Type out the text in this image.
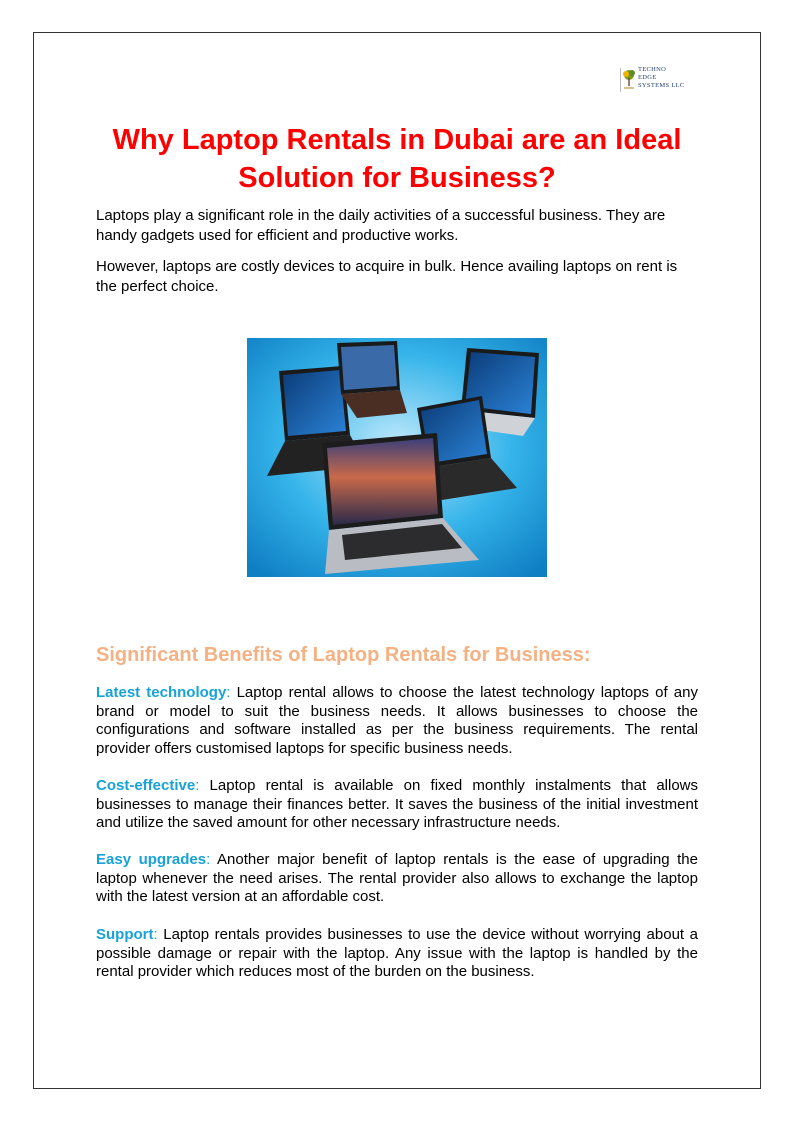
TECHNO
EDGE
SYSTEMS LLC
Why Laptop Rentals in Dubai are an Ideal Solution for Business?

Laptops play a significant role in the daily activities of a successful business. They are handy gadgets used for efficient and productive works.

However, laptops are costly devices to acquire in bulk. Hence availing laptops on rent is the perfect choice.

Significant Benefits of Laptop Rentals for Business:

Latest technology: Laptop rental allows to choose the latest technology laptops of any brand or model to suit the business needs. It allows businesses to choose the configurations and software installed as per the business requirements. The rental provider offers customised laptops for specific business needs.

Cost-effective: Laptop rental is available on fixed monthly instalments that allows businesses to manage their finances better. It saves the business of the initial investment and utilize the saved amount for other necessary infrastructure needs.

Easy upgrades: Another major benefit of laptop rentals is the ease of upgrading the laptop whenever the need arises. The rental provider also allows to exchange the laptop with the latest version at an affordable cost.

Support: Laptop rentals provides businesses to use the device without worrying about a possible damage or repair with the laptop. Any issue with the laptop is handled by the rental provider which reduces most of the burden on the business.
